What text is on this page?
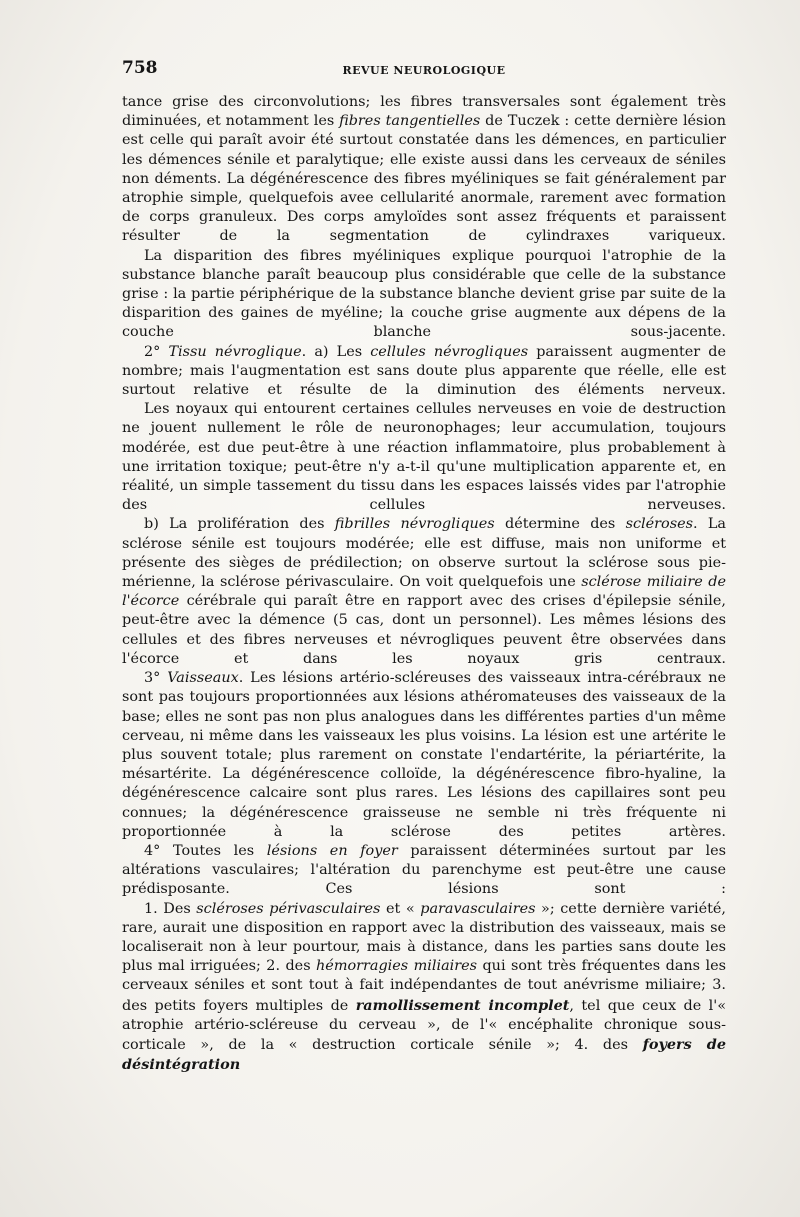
758	REVUE NEUROLOGIQUE

tance grise des circonvolutions; les fibres transversales sont également très diminuées, et notamment les fibres tangentielles de Tuczek : cette dernière lésion est celle qui paraît avoir été surtout constatée dans les démences, en particulier les démences sénile et paralytique; elle existe aussi dans les cerveaux de séniles non déments. La dégénérescence des fibres myéliniques se fait généralement par atrophie simple, quelquefois avee cellularité anormale, rarement avec formation de corps granuleux. Des corps amyloïdes sont assez fréquents et paraissent résulter de la segmentation de cylindraxes variqueux.

La disparition des fibres myéliniques explique pourquoi l'atrophie de la substance blanche paraît beaucoup plus considérable que celle de la substance grise : la partie périphérique de la substance blanche devient grise par suite de la disparition des gaines de myéline; la couche grise augmente aux dépens de la couche blanche sous-jacente.

2° Tissu névroglique. a) Les cellules névrogliques paraissent augmenter de nombre; mais l'augmentation est sans doute plus apparente que réelle, elle est surtout relative et résulte de la diminution des éléments nerveux.

Les noyaux qui entourent certaines cellules nerveuses en voie de destruction ne jouent nullement le rôle de neuronophages; leur accumulation, toujours modérée, est due peut-être à une réaction inflammatoire, plus probablement à une irritation toxique; peut-être n'y a-t-il qu'une multiplication apparente et, en réalité, un simple tassement du tissu dans les espaces laissés vides par l'atrophie des cellules nerveuses.

b) La prolifération des fibrilles névrogliques détermine des scléroses. La sclérose sénile est toujours modérée; elle est diffuse, mais non uniforme et présente des sièges de prédilection; on observe surtout la sclérose sous pie-mérienne, la sclérose périvasculaire. On voit quelquefois une sclérose miliaire de l'écorce cérébrale qui paraît être en rapport avec des crises d'épilepsie sénile, peut-être avec la démence (5 cas, dont un personnel). Les mêmes lésions des cellules et des fibres nerveuses et névrogliques peuvent être observées dans l'écorce et dans les noyaux gris centraux.

3° Vaisseaux. Les lésions artério-scléreuses des vaisseaux intra-cérébraux ne sont pas toujours proportionnées aux lésions athéromateuses des vaisseaux de la base; elles ne sont pas non plus analogues dans les différentes parties d'un même cerveau, ni même dans les vaisseaux les plus voisins. La lésion est une artérite le plus souvent totale; plus rarement on constate l'endartérite, la périartérite, la mésartérite. La dégénérescence colloïde, la dégénérescence fibro-hyaline, la dégénérescence calcaire sont plus rares. Les lésions des capillaires sont peu connues; la dégénérescence graisseuse ne semble ni très fréquente ni proportionnée à la sclérose des petites artères.

4° Toutes les lésions en foyer paraissent déterminées surtout par les altérations vasculaires; l'altération du parenchyme est peut-être une cause prédisposante. Ces lésions sont :

1. Des scléroses périvasculaires et « paravasculaires »; cette dernière variété, rare, aurait une disposition en rapport avec la distribution des vaisseaux, mais se localiserait non à leur pourtour, mais à distance, dans les parties sans doute les plus mal irriguées; 2. des hémorragies miliaires qui sont très fréquentes dans les cerveaux séniles et sont tout à fait indépendantes de tout anévrisme miliaire; 3. des petits foyers multiples de ramollissement incomplet, tel que ceux de l'« atrophie artério-scléreuse du cerveau », de l'« encéphalite chronique sous-corticale », de la « destruction corticale sénile »; 4. des foyers de désintégration
